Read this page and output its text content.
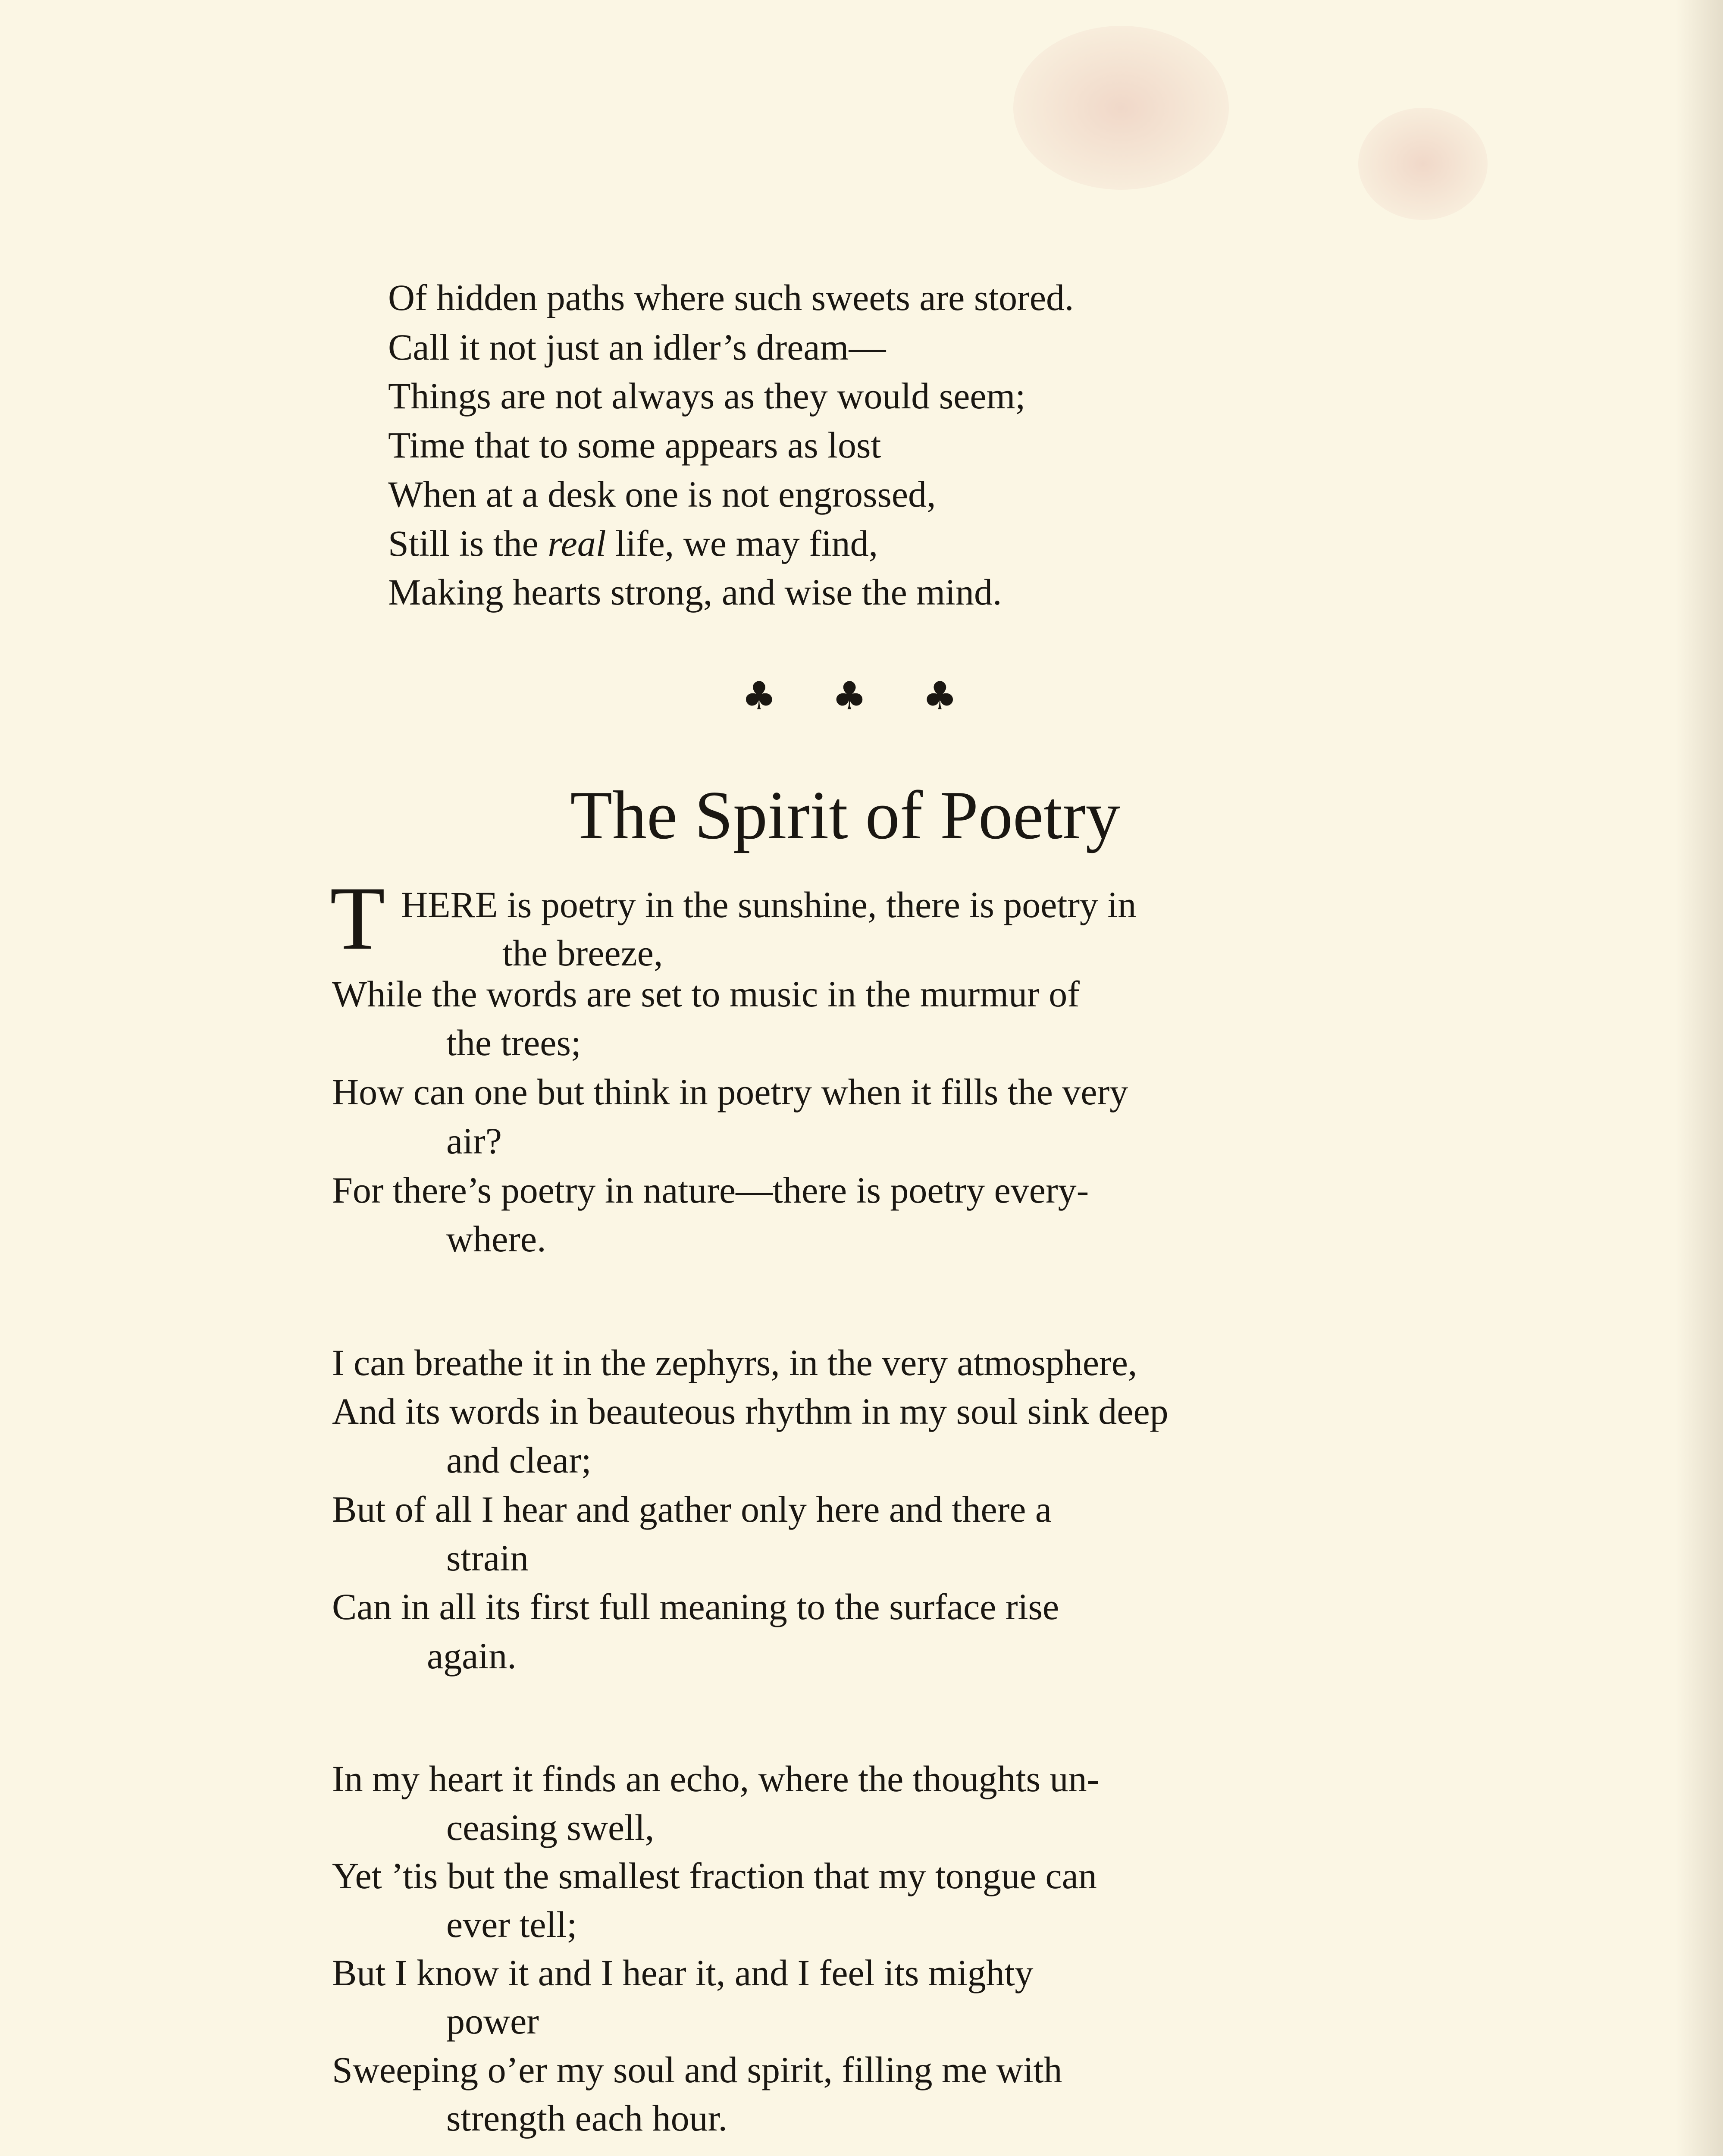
Of hidden paths where such sweets are stored.
Call it not just an idler’s dream—
Things are not always as they would seem;
Time that to some appears as lost
When at a desk one is not engrossed,
Still is the real life, we may find,
Making hearts strong, and wise the mind.
♣ ♣ ♣
The Spirit of Poetry
T HERE is poetry in the sunshine, there is poetry in
the breeze,
While the words are set to music in the murmur of
the trees;
How can one but think in poetry when it fills the very
air?
For there’s poetry in nature—there is poetry every-
where.
I can breathe it in the zephyrs, in the very atmosphere,
And its words in beauteous rhythm in my soul sink deep
and clear;
But of all I hear and gather only here and there a
strain
Can in all its first full meaning to the surface rise
again.
In my heart it finds an echo, where the thoughts un-
ceasing swell,
Yet ’tis but the smallest fraction that my tongue can
ever tell;
But I know it and I hear it, and I feel its mighty
power
Sweeping o’er my soul and spirit, filling me with
strength each hour.
